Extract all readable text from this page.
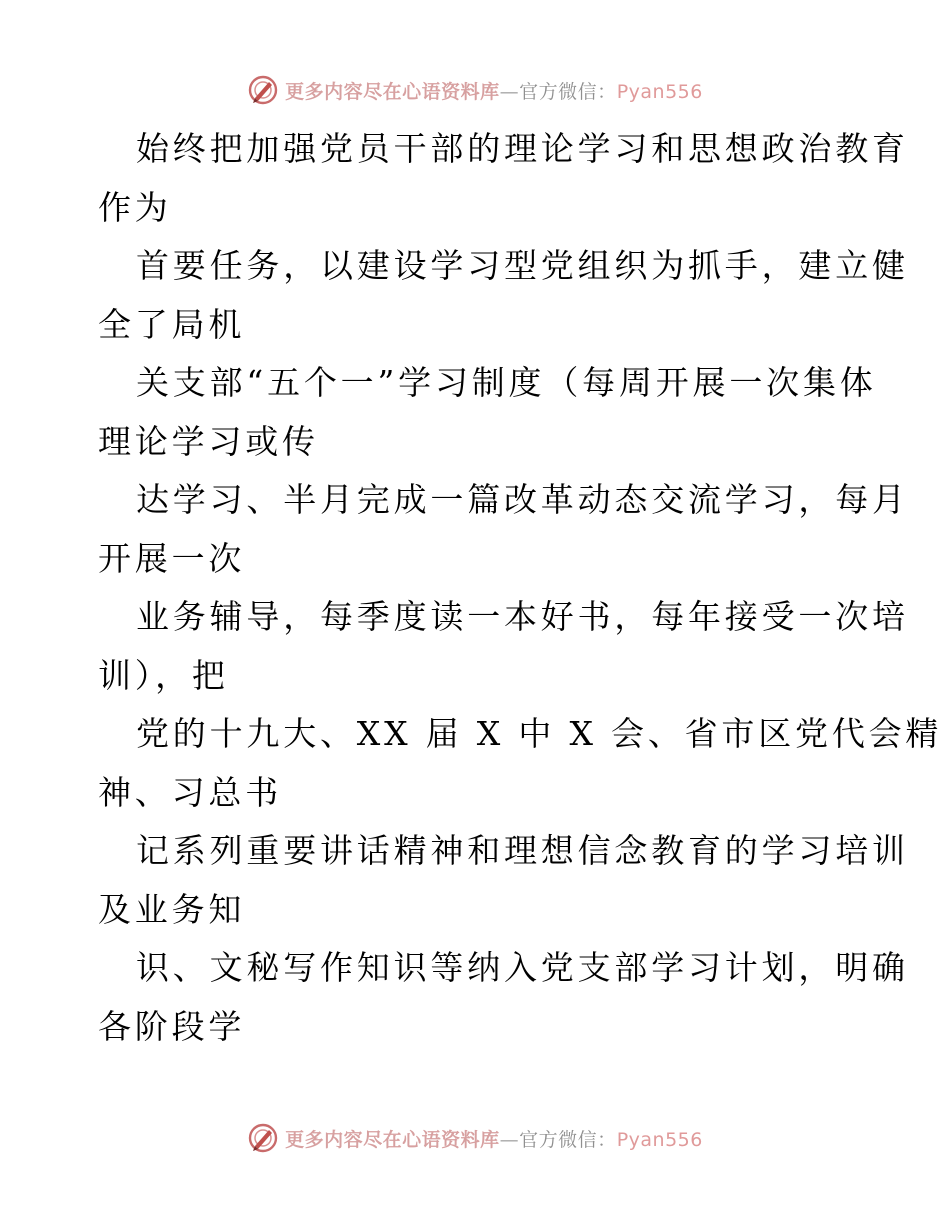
更多内容尽在心语资料库—官方微信：Pyan556
始终把加强党员干部的理论学习和思想政治教育
作为
首要任务，以建设学习型党组织为抓手，建立健
全了局机
关支部“五个一”学习制度（每周开展一次集体
理论学习或传
达学习、半月完成一篇改革动态交流学习，每月
开展一次
业务辅导，每季度读一本好书，每年接受一次培
训），把
党的十九大、XX 届 X 中 X 会、省市区党代会精
神、习总书
记系列重要讲话精神和理想信念教育的学习培训
及业务知
识、文秘写作知识等纳入党支部学习计划，明确
各阶段学
更多内容尽在心语资料库—官方微信：Pyan556
